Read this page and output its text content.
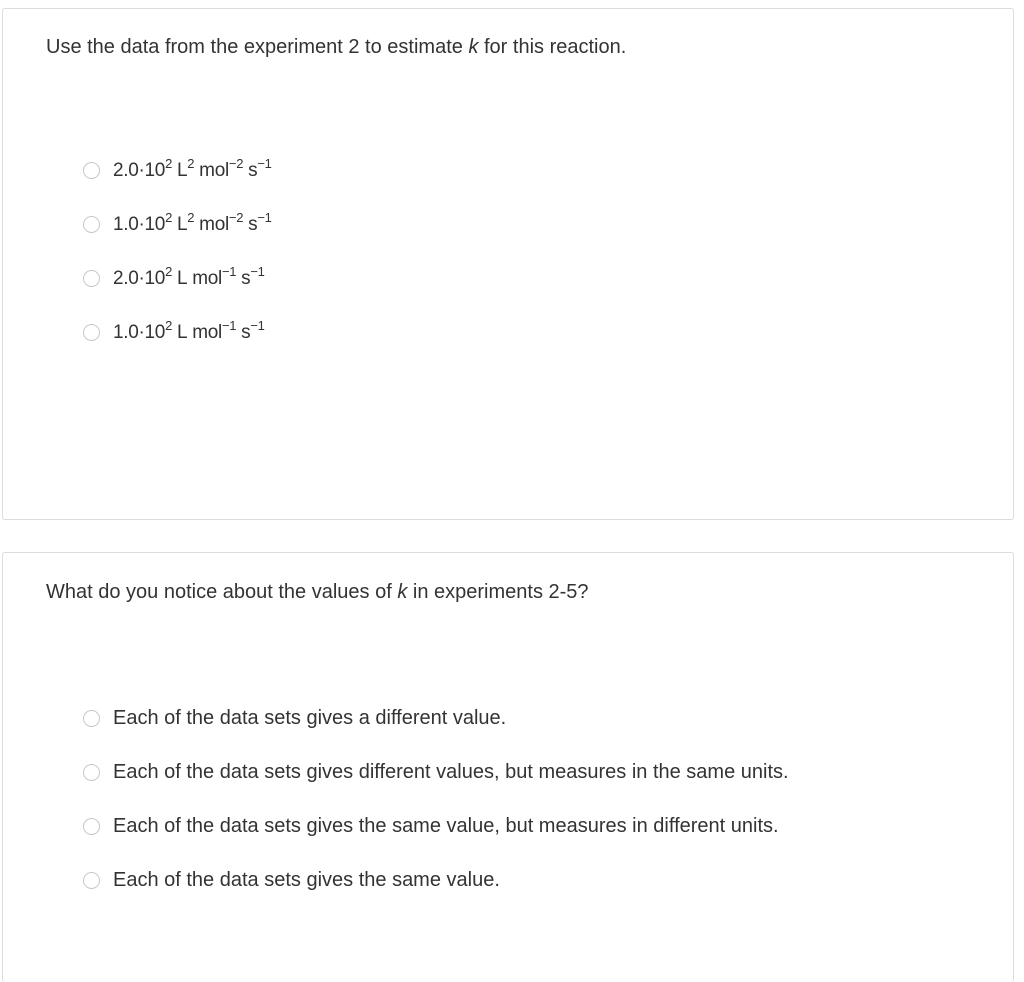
Use the data from the experiment 2 to estimate k for this reaction.
$2.0\cdot 10^2$ $L^2$ mol$^{-2}$ $s^{-1}$
$1.0\cdot 10^2$ $L^2$ mol$^{-2}$ $s^{-1}$
$2.0\cdot 10^2$ L mol$^{-1}$ $s^{-1}$
$1.0\cdot 10^2$ L mol$^{-1}$ $s^{-1}$
What do you notice about the values of k in experiments 2-5?
Each of the data sets gives a different value.
Each of the data sets gives different values, but measures in the same units.
Each of the data sets gives the same value, but measures in different units.
Each of the data sets gives the same value.
